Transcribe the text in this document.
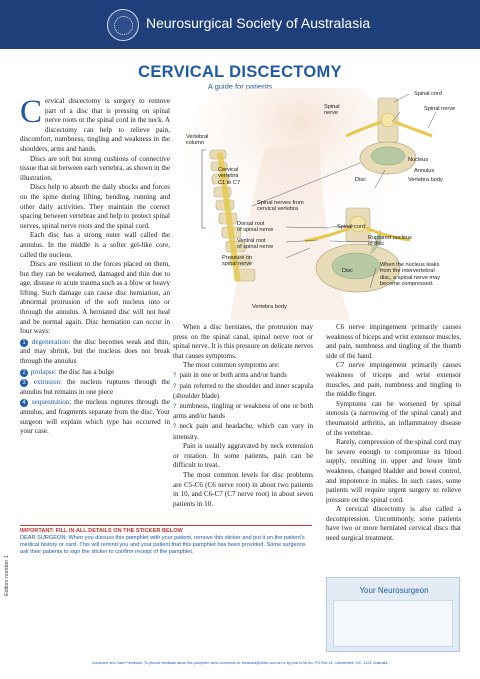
Neurosurgical Society of Australasia
CERVICAL DISCECTOMY
A guide for patients

Cervical discectomy is surgery to remove part of a disc that is pressing on spinal nerve roots or the spinal cord in the neck. A discectomy can help to relieve pain, discomfort, numbness, tingling and weakness in the shoulders, arms and hands.

Discs are soft but strong cushions of connective tissue that sit between each vertebra, as shown in the illustration.

Discs help to absorb the daily shocks and forces on the spine during lifting, bending, running and other daily activities. They maintain the correct spacing between vertebrae and help to protect spinal nerves, spinal nerve roots and the spinal cord.

Each disc has a strong outer wall called the annulus. In the middle is a softer gel-like core, called the nucleus.

Discs are resilient to the forces placed on them, but they can be weakened, damaged and thin due to age, disease or acute trauma such as a blow or heavy lifting. Such damage can cause disc herniation, an abnormal protrusion of the soft nucleus into or through the annulus. A herniated disc will not heal and be normal again. Disc herniation can occur in four ways:

1 degeneration: the disc becomes weak and thin, and may shrink, but the nucleus does not break through the annulus

2 prolapse: the disc has a bulge

3 extrusion: the nucleus ruptures through the annulus but remains in one piece

4 sequestration: the nucleus ruptures through the annulus, and fragments separate from the disc. Your surgeon will explain which type has occurred in your case.

Spinal cord
Spinal
nerve
Spinal nerve
Vertebral
column
Cervical
vertebra
C1 to C7
Nucleus
Annulus
Disc	Vertebra body
Spinal nerves from
cervical vertebra
Dorsal root
of spinal nerve
Ventral root
of spinal nerve
Pressure on
spinal nerve
Spinal cord
Ruptured nucleus
of disc
When the nucleus leaks
from the intervertebral
disc, a spinal nerve may
become compressed.
Disc
Vertebra body

When a disc herniates, the protrusion may press on the spinal canal, spinal nerve root or spinal nerve. It is this pressure on delicate nerves that causes symptoms.

The most common symptoms are:

? pain in one or both arms and/or hands

? pain referred to the shoulder and inner scapula (shoulder blade)

? numbness, tingling or weakness of one or both arms and/or hands

? neck pain and headache, which can vary in intensity.

Pain is usually aggravated by neck extension or rotation. In some patients, pain can be difficult to treat.

The most common levels for disc problems are C5-C6 (C6 nerve root) in about two patients in 10, and C6-C7 (C7 nerve root) in about seven patients in 10.

C6 nerve impingement primarily causes weakness of biceps and wrist extensor muscles, and pain, numbness and tingling of the thumb side of the hand.

C7 nerve impingement primarily causes weakness of triceps and wrist extensor muscles, and pain, numbness and tingling to the middle finger.

Symptoms can be worsened by spinal stenosis (a narrowing of the spinal canal) and rheumatoid arthritis, an inflammatory disease of the vertebrae.

Rarely, compression of the spinal cord may be severe enough to compromise its blood supply, resulting in upper and lower limb weakness, changed bladder and bowel control, and impotence in males. In such cases, some patients will require urgent surgery to relieve pressure on the spinal cord.

A cervical discectomy is also called a decompression. Uncommonly, some patients have two or more herniated cervical discs that need surgical treatment.

IMPORTANT: FILL IN ALL DETAILS ON THE STICKER BELOW
DEAR SURGEON: When you discuss this pamphlet with your patient, remove this sticker and put it on the patient's medical history or card. This will remind you and your patient that this pamphlet has been provided. Some surgeons ask their patients to sign the sticker to confirm receipt of the pamphlet.
Edition number 1	Your Neurosurgeon
Consumer and Carer Feedback: To provide feedback about this pamphlet, send comments to: feedback@mitec.com.au or by post to Mi-tec, PO Box 24, Camberwell, VIC, 3124, Australia.
